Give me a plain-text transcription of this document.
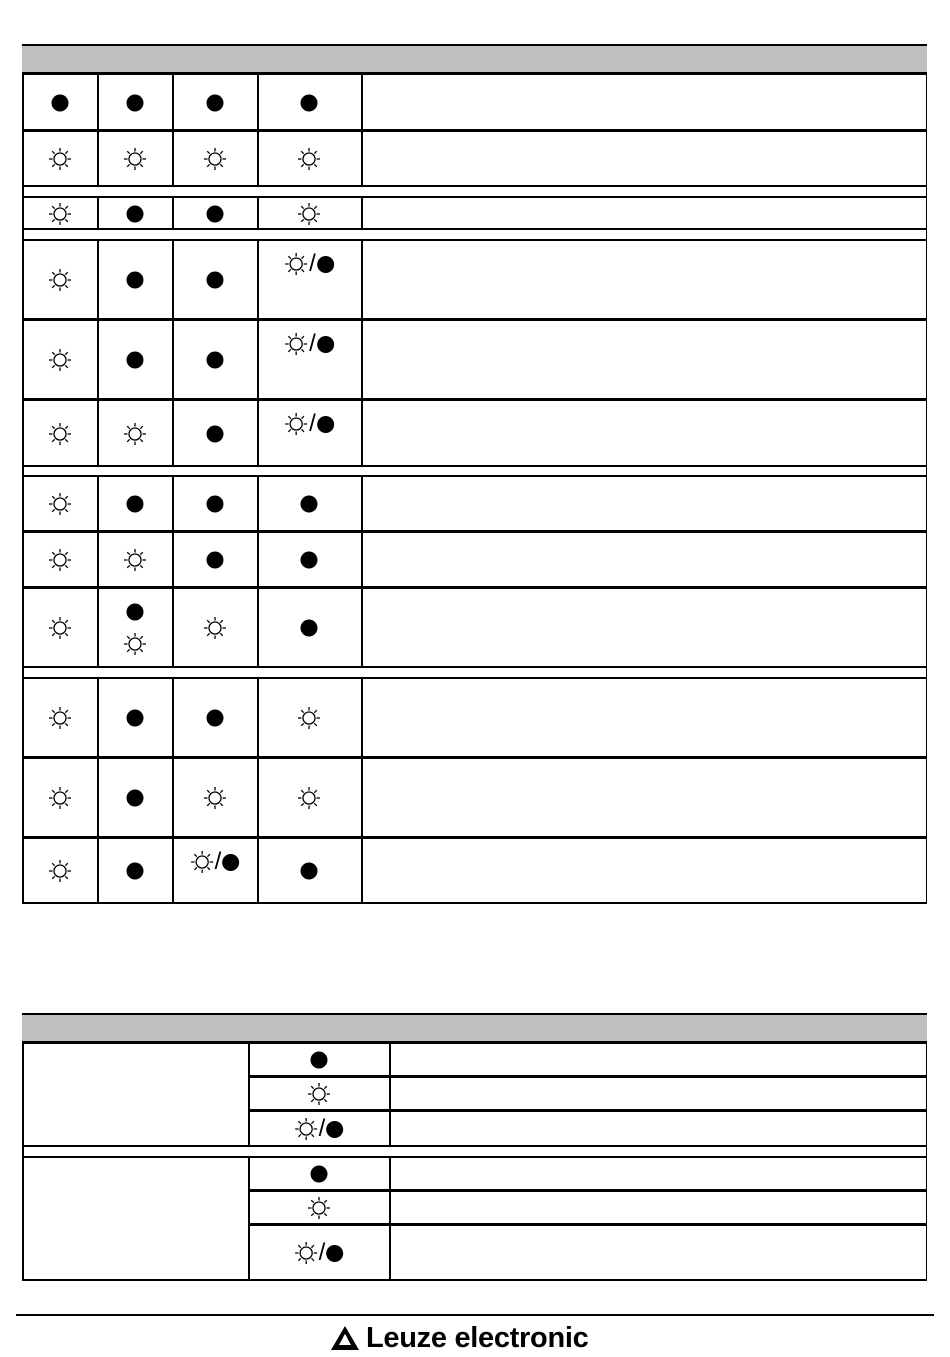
/
/
/
/
/
/
Leuze electronic
